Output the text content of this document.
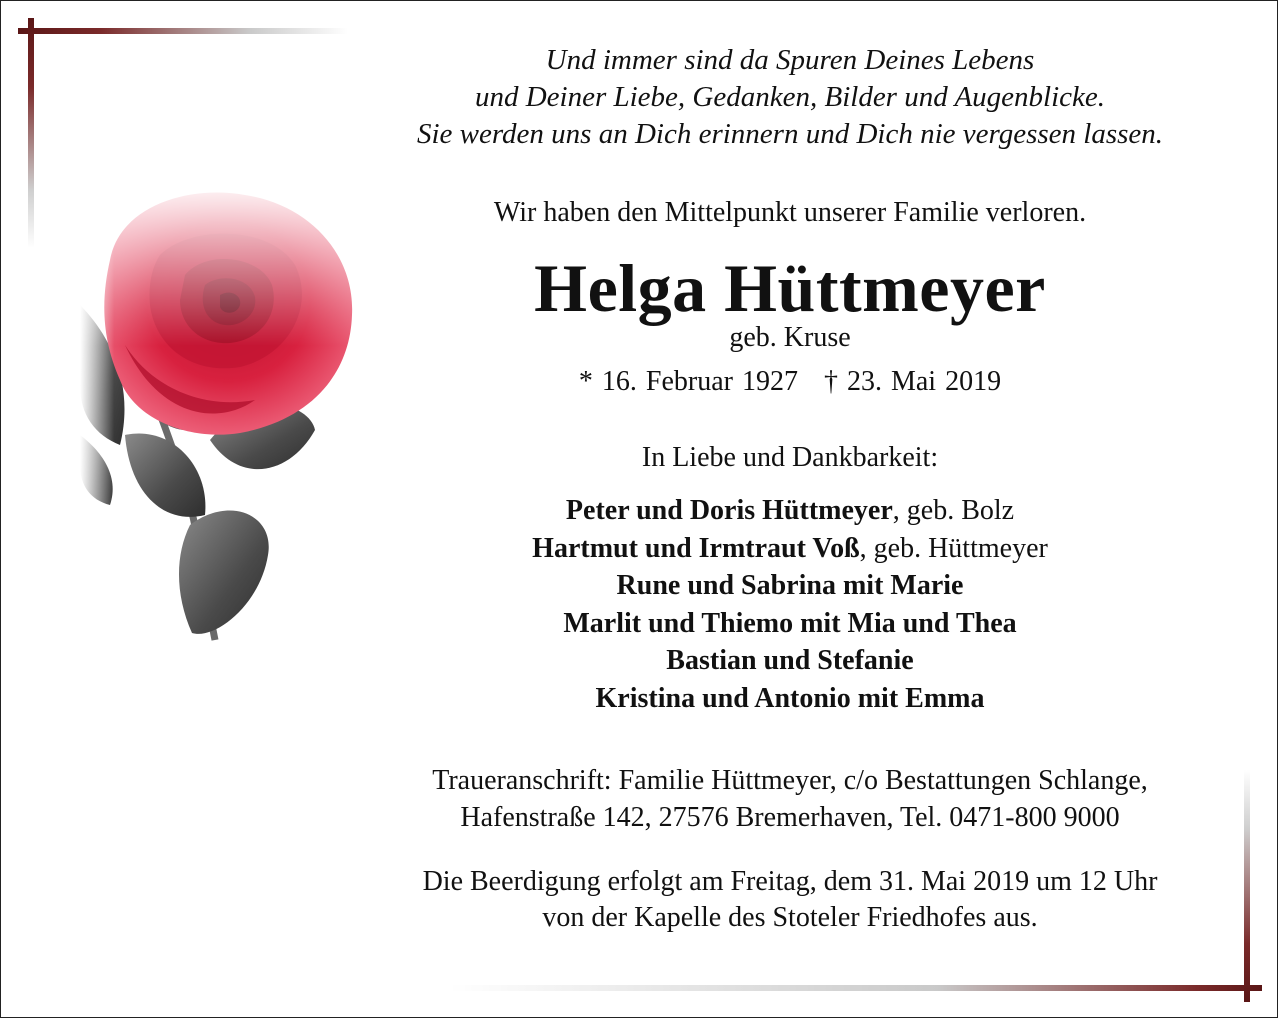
Und immer sind da Spuren Deines Lebens
und Deiner Liebe, Gedanken, Bilder und Augenblicke.
Sie werden uns an Dich erinnern und Dich nie vergessen lassen.
Wir haben den Mittelpunkt unserer Familie verloren.
Helga Hüttmeyer
geb. Kruse
* 16. Februar 1927 † 23. Mai 2019
In Liebe und Dankbarkeit:
Peter und Doris Hüttmeyer, geb. Bolz
Hartmut und Irmtraut Voß, geb. Hüttmeyer
Rune und Sabrina mit Marie
Marlit und Thiemo mit Mia und Thea
Bastian und Stefanie
Kristina und Antonio mit Emma
Traueranschrift: Familie Hüttmeyer, c/o Bestattungen Schlange,
Hafenstraße 142, 27576 Bremerhaven, Tel. 0471-800 9000
Die Beerdigung erfolgt am Freitag, dem 31. Mai 2019 um 12 Uhr
von der Kapelle des Stoteler Friedhofes aus.
